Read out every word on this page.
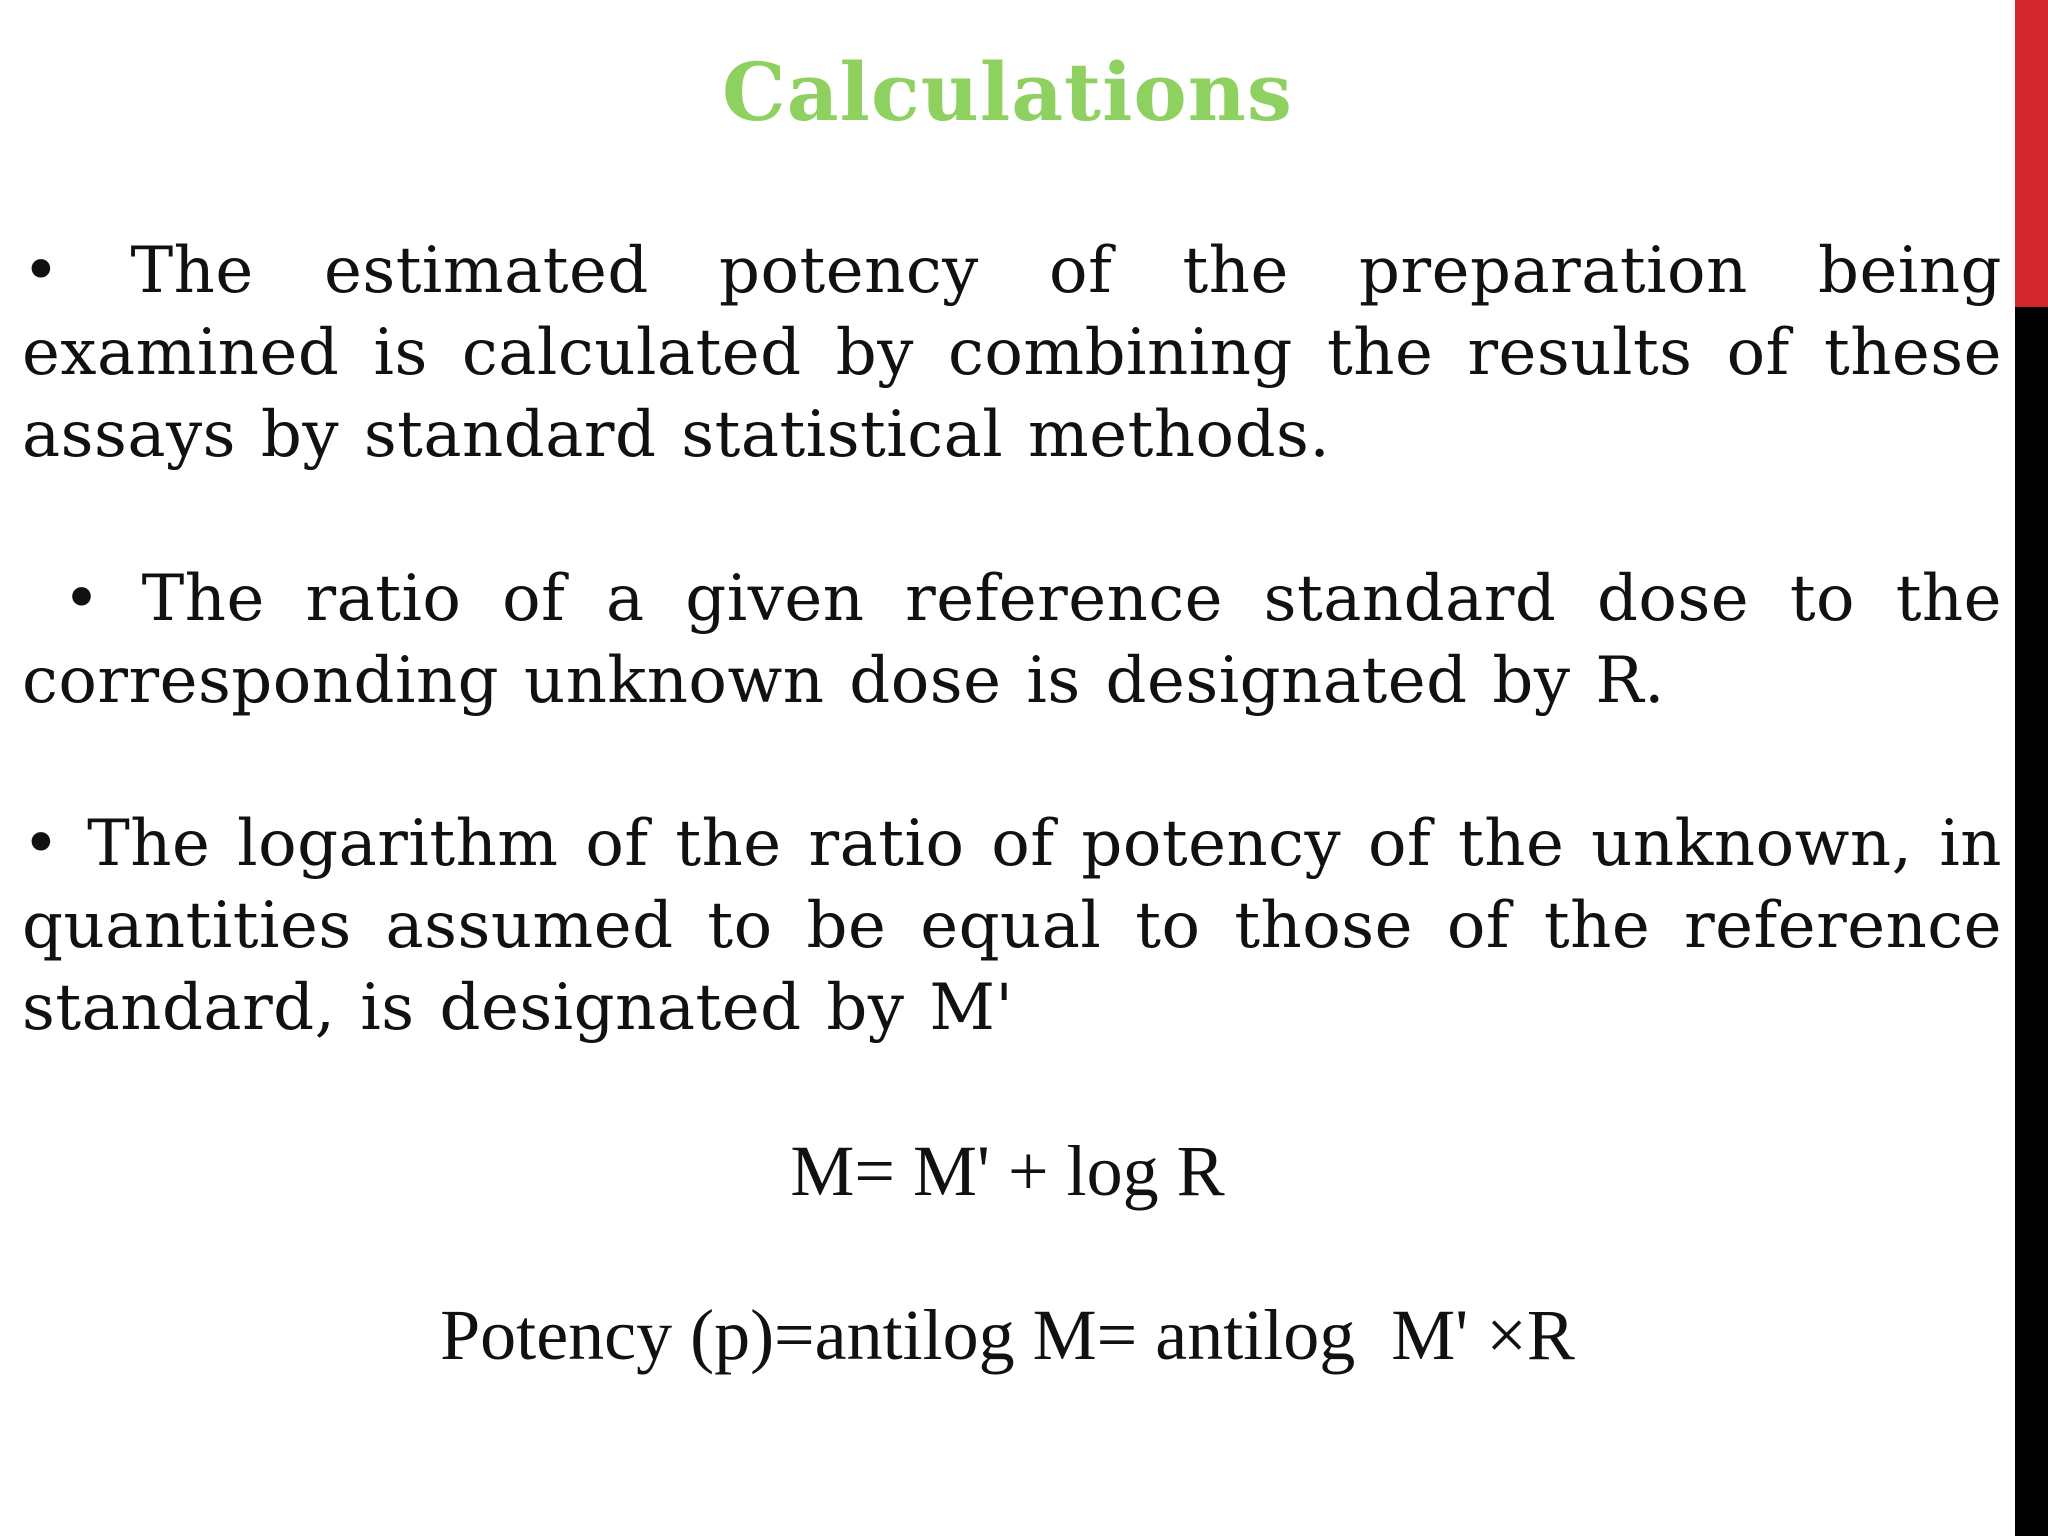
Calculations
• The estimated potency of the preparation being examined is calculated by combining the results of these assays by standard statistical methods.
• The ratio of a given reference standard dose to the corresponding unknown dose is designated by R.
• The logarithm of the ratio of potency of the unknown, in quantities assumed to be equal to those of the reference standard, is designated by M'
M= M' + log R
Potency (p)=antilog M= antilog  M' ×R
